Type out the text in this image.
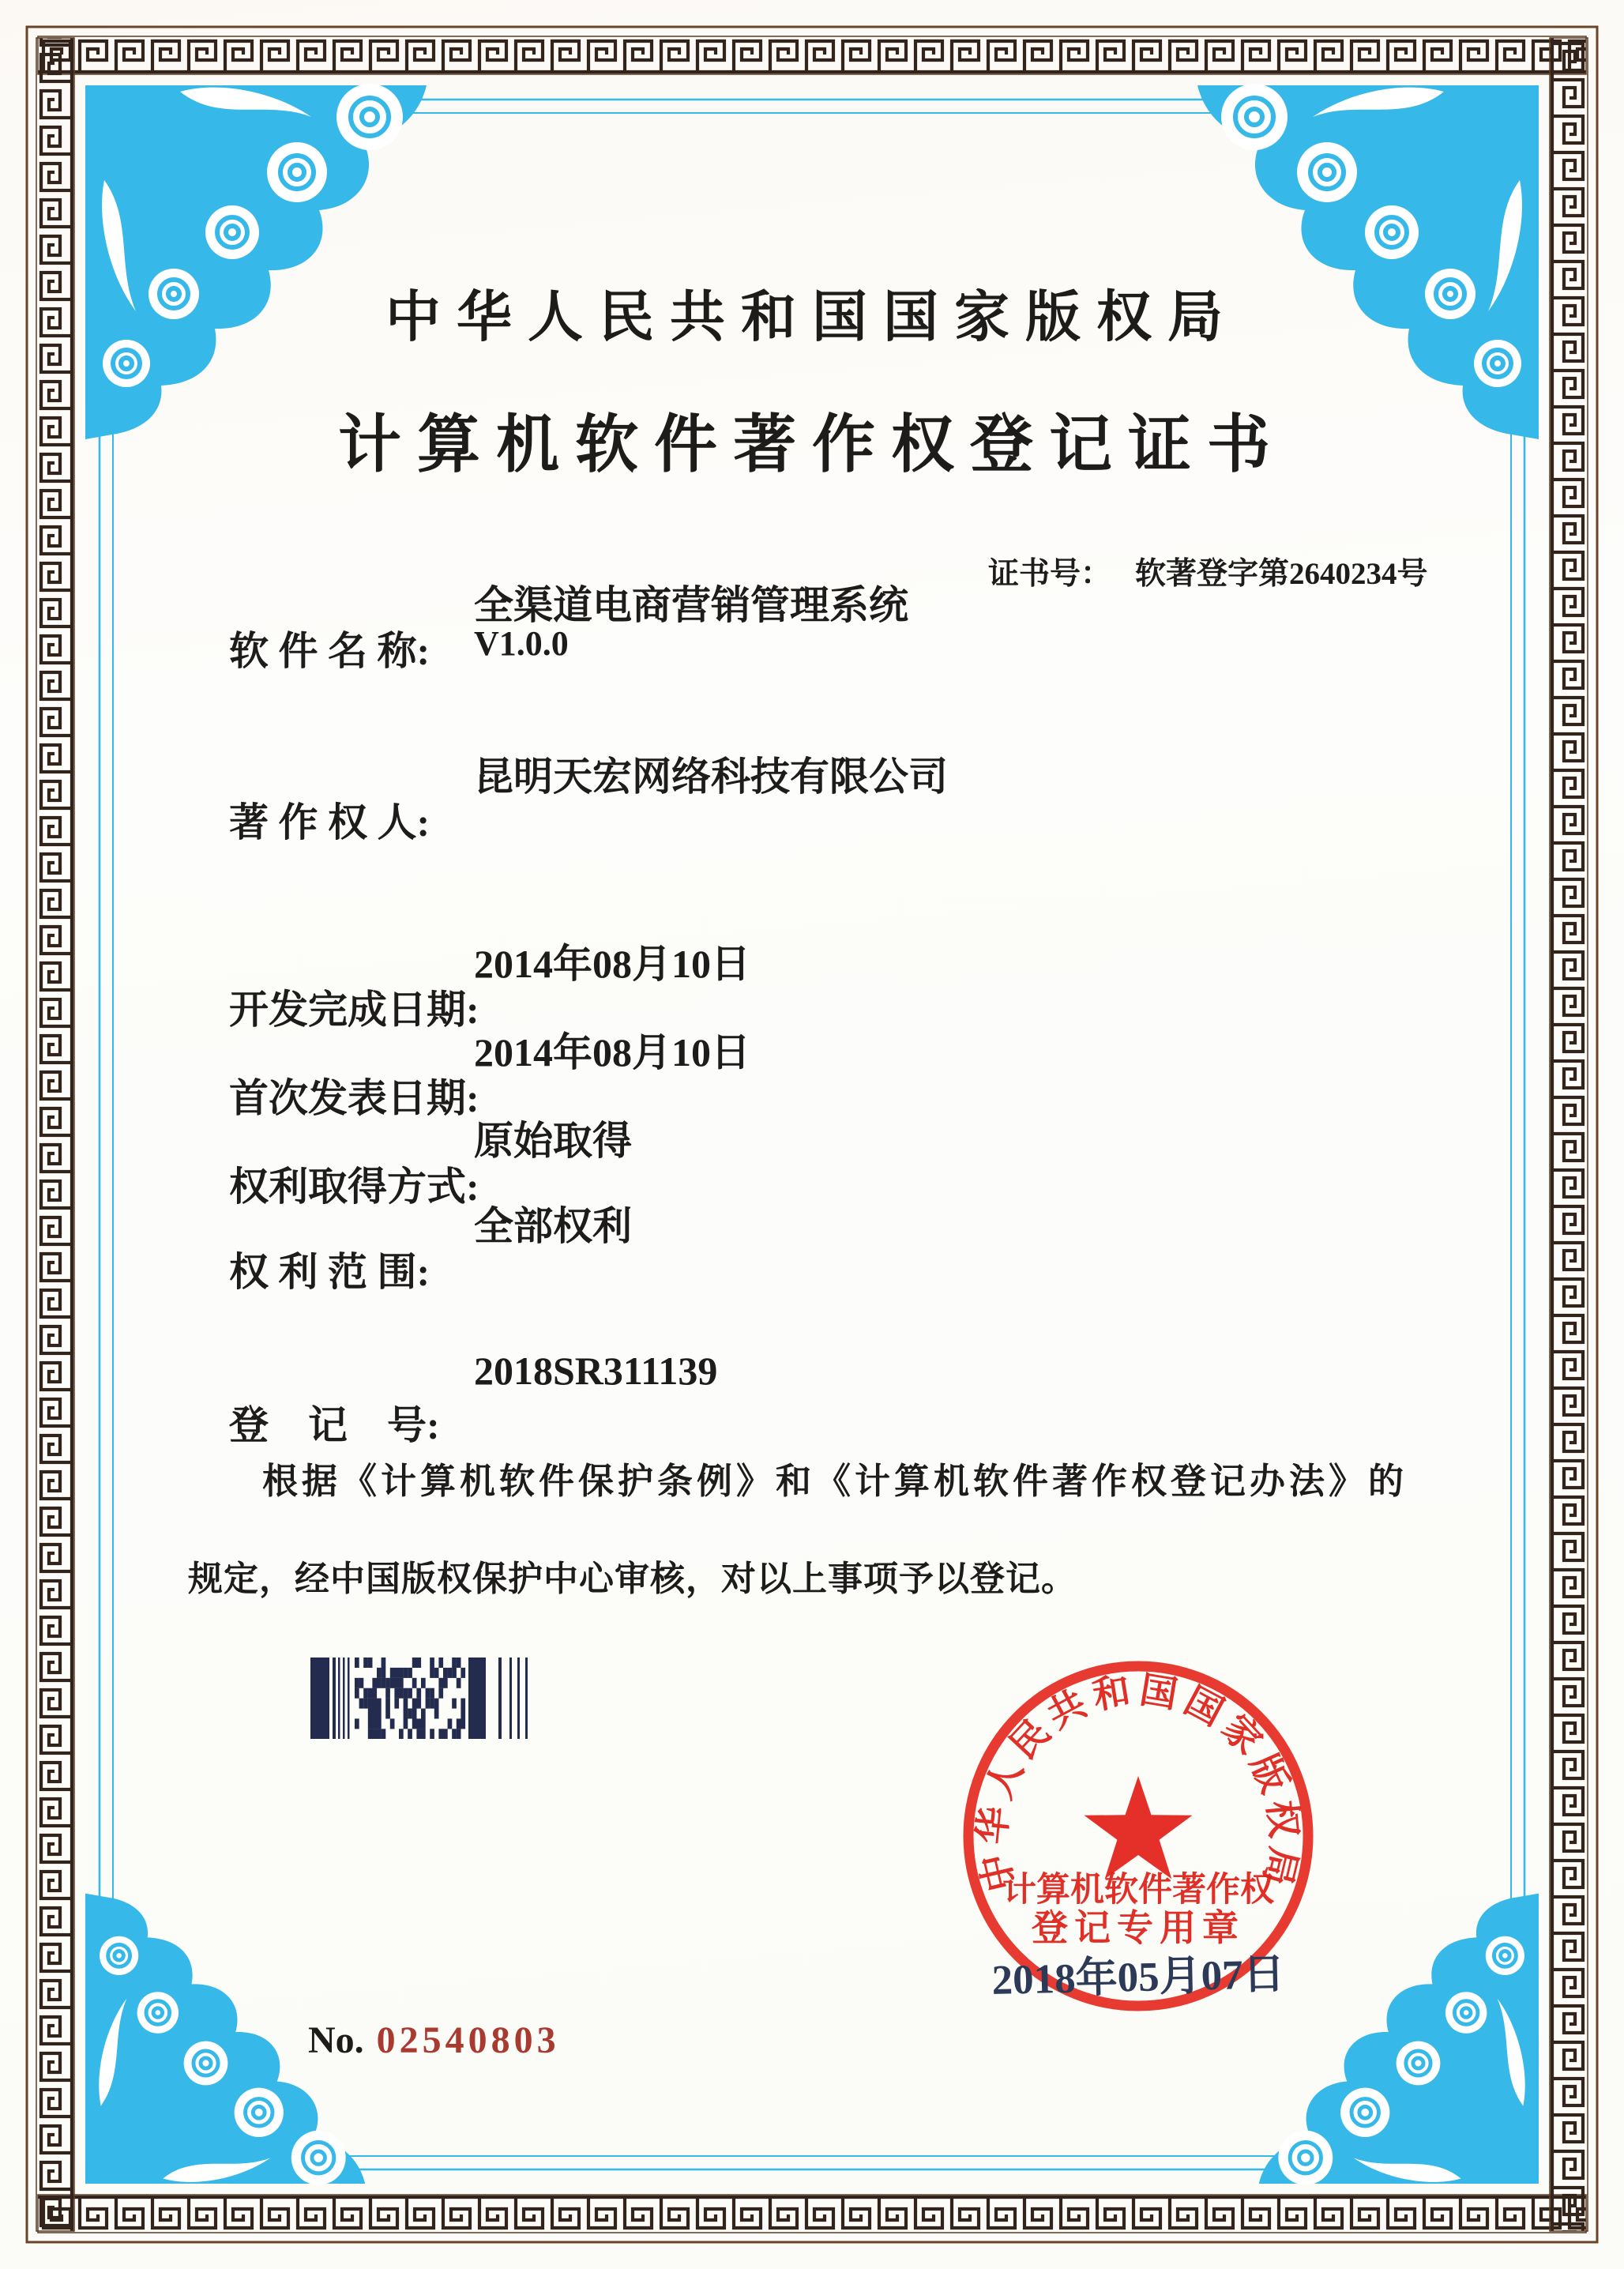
中华人民共和国国家版权局
计算机软件著作权登记证书

证书号： 软著登字第2640234号

软 件 名 称:

全渠道电商营销管理系统

V1.0.0

著 作 权 人:

昆明天宏网络科技有限公司

开发完成日期:

2014年08月10日

首次发表日期:

2014年08月10日

权利取得方式:

原始取得

权 利 范 围:

全部权利

登　记　号:

2018SR311139

根据《计算机软件保护条例》和《计算机软件著作权登记办法》的
规定，经中国版权保护中心审核，对以上事项予以登记。
中华人民共和国国家版权局
计算机软件著作权
登记专用章
2018年05月07日

No. 02540803
